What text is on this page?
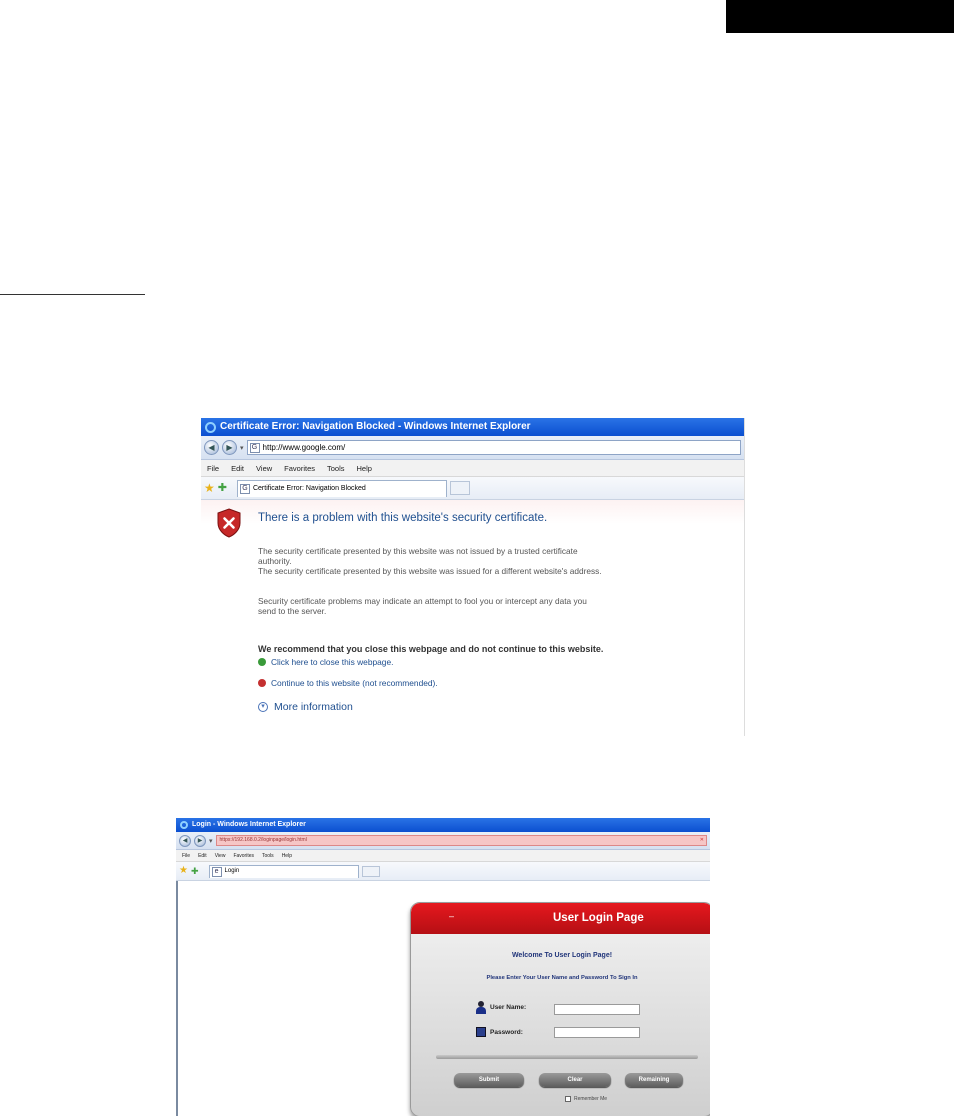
Certificate Error: Navigation Blocked - Windows Internet Explorer
◀	▶	▾	G http://www.google.com/
File Edit View Favorites Tools Help
★ ✚	G Certificate Error: Navigation Blocked
There is a problem with this website's security certificate.
The security certificate presented by this website was not issued by a trusted certificate
authority.
The security certificate presented by this website was issued for a different website's address.
Security certificate problems may indicate an attempt to fool you or intercept any data you
send to the server.
We recommend that you close this webpage and do not continue to this website.
Click here to close this webpage.
Continue to this website (not recommended).
▾ More information
Login - Windows Internet Explorer
◀	▶ ▾	https://192.168.0.2/loginpage/login.html	✕
File Edit View Favorites Tools Help
★ ✚	e	Login
–	User Login Page
Welcome To User Login Page!
Please Enter Your User Name and Password To Sign In
User Name:
Password:
Submit	Clear	Remaining
Remember Me
